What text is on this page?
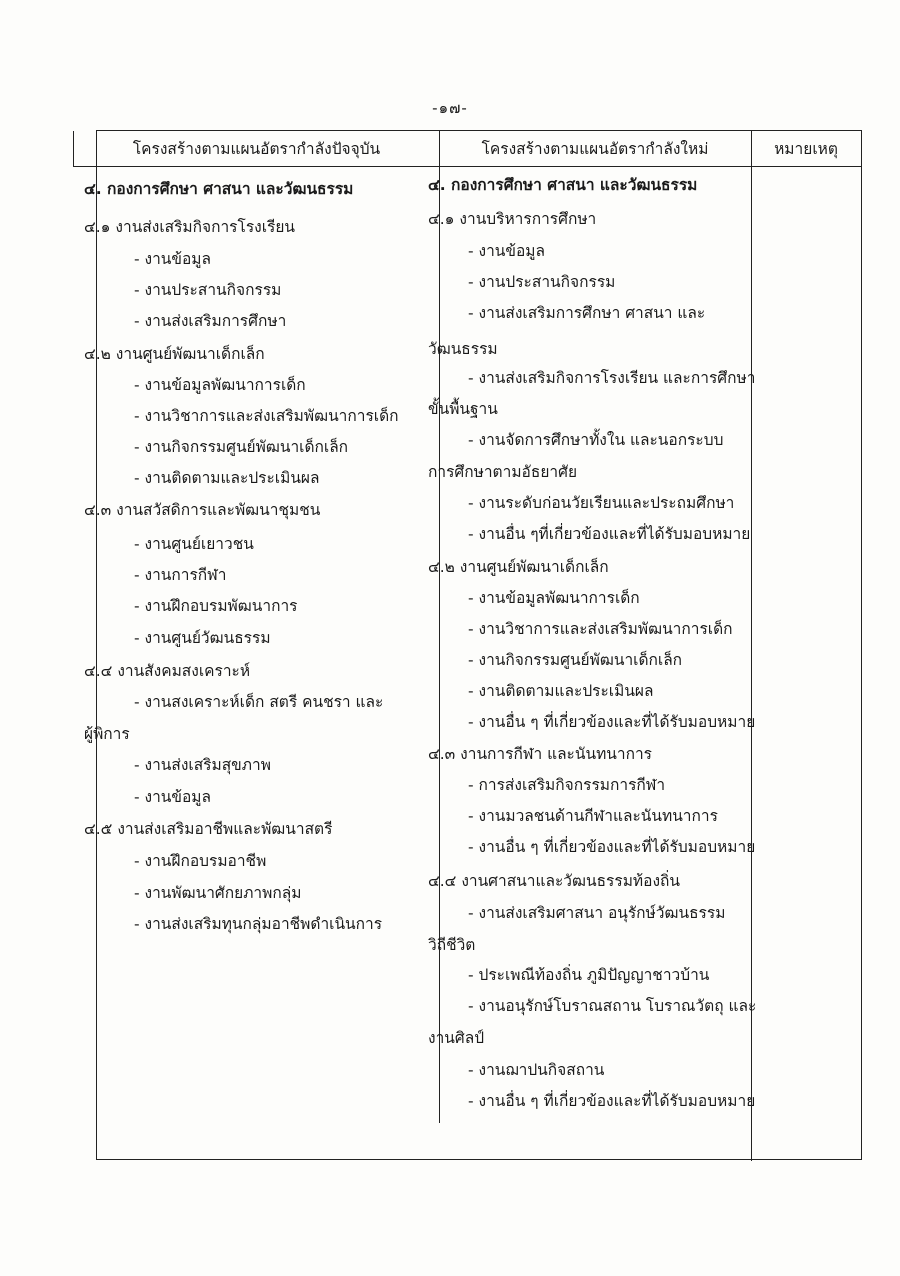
-๑๗-
โครงสร้างตามแผนอัตรากำลังปัจจุบัน	โครงสร้างตามแผนอัตรากำลังใหม่	หมายเหตุ
๔. กองการศึกษา ศาสนา และวัฒนธรรม
๔.๑ งานส่งเสริมกิจการโรงเรียน
- งานข้อมูล
- งานประสานกิจกรรม
- งานส่งเสริมการศึกษา
๔.๒ งานศูนย์พัฒนาเด็กเล็ก
- งานข้อมูลพัฒนาการเด็ก
- งานวิชาการและส่งเสริมพัฒนาการเด็ก
- งานกิจกรรมศูนย์พัฒนาเด็กเล็ก
- งานติดตามและประเมินผล
๔.๓ งานสวัสดิการและพัฒนาชุมชน
- งานศูนย์เยาวชน
- งานการกีฬา
- งานฝึกอบรมพัฒนาการ
- งานศูนย์วัฒนธรรม
๔.๔ งานสังคมสงเคราะห์
- งานสงเคราะห์เด็ก สตรี คนชรา และ
ผู้พิการ
- งานส่งเสริมสุขภาพ
- งานข้อมูล
๔.๕ งานส่งเสริมอาชีพและพัฒนาสตรี
- งานฝึกอบรมอาชีพ
- งานพัฒนาศักยภาพกลุ่ม
- งานส่งเสริมทุนกลุ่มอาชีพดำเนินการ
๔. กองการศึกษา ศาสนา และวัฒนธรรม
๔.๑ งานบริหารการศึกษา
- งานข้อมูล
- งานประสานกิจกรรม
- งานส่งเสริมการศึกษา ศาสนา และ
วัฒนธรรม
- งานส่งเสริมกิจการโรงเรียน และการศึกษา
ขั้นพื้นฐาน
- งานจัดการศึกษาทั้งใน และนอกระบบ
การศึกษาตามอัธยาศัย
- งานระดับก่อนวัยเรียนและประถมศึกษา
- งานอื่น ๆที่เกี่ยวข้องและที่ได้รับมอบหมาย
๔.๒ งานศูนย์พัฒนาเด็กเล็ก
- งานข้อมูลพัฒนาการเด็ก
- งานวิชาการและส่งเสริมพัฒนาการเด็ก
- งานกิจกรรมศูนย์พัฒนาเด็กเล็ก
- งานติดตามและประเมินผล
- งานอื่น ๆ ที่เกี่ยวข้องและที่ได้รับมอบหมาย
๔.๓ งานการกีฬา และนันทนาการ
- การส่งเสริมกิจกรรมการกีฬา
- งานมวลชนด้านกีฬาและนันทนาการ
- งานอื่น ๆ ที่เกี่ยวข้องและที่ได้รับมอบหมาย
๔.๔ งานศาสนาและวัฒนธรรมท้องถิ่น
- งานส่งเสริมศาสนา อนุรักษ์วัฒนธรรม
วิถีชีวิต
- ประเพณีท้องถิ่น ภูมิปัญญาชาวบ้าน
- งานอนุรักษ์โบราณสถาน โบราณวัตถุ และ
งานศิลป์
- งานฌาปนกิจสถาน
- งานอื่น ๆ ที่เกี่ยวข้องและที่ได้รับมอบหมาย
